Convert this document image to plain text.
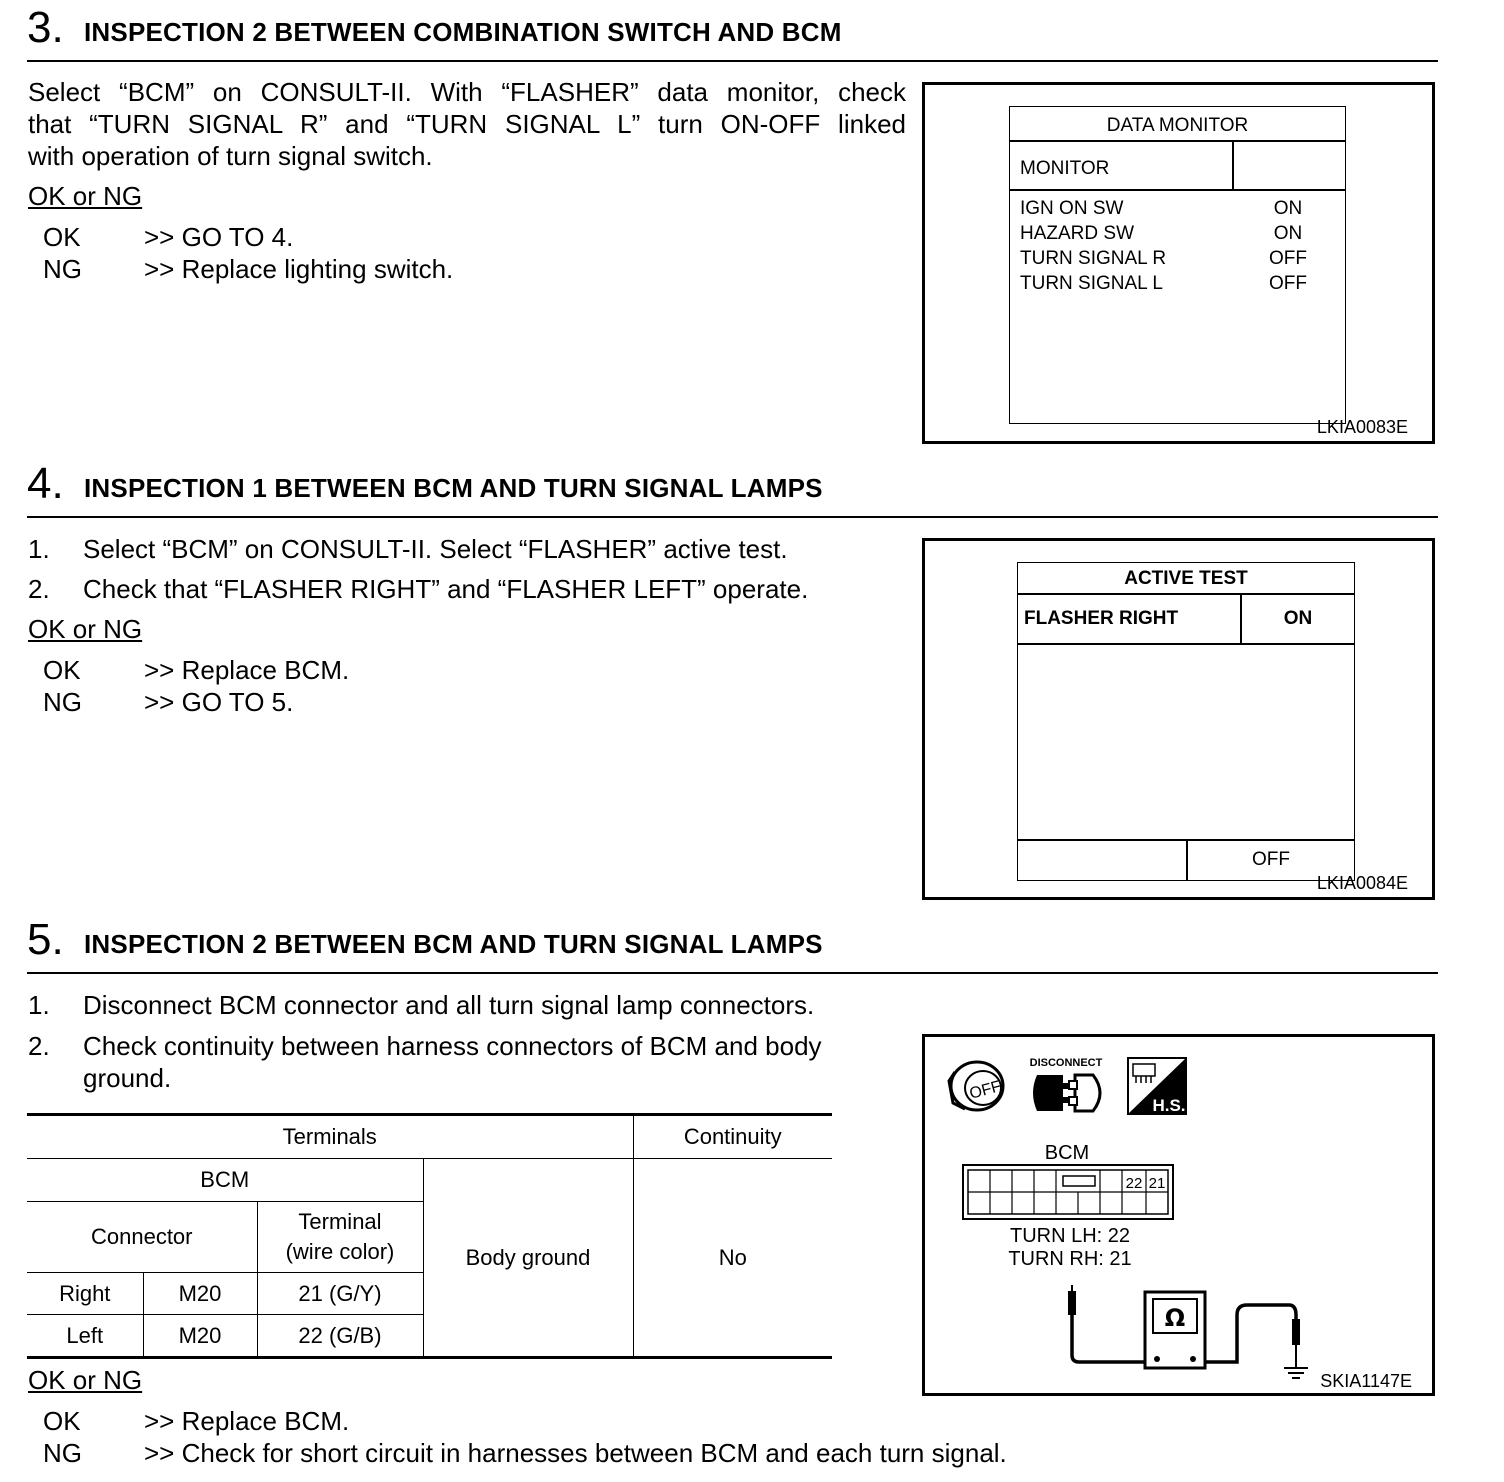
3. INSPECTION 2 BETWEEN COMBINATION SWITCH AND BCM
Select “BCM” on CONSULT-II. With “FLASHER” data monitor, check
that “TURN SIGNAL R” and “TURN SIGNAL L” turn ON-OFF linked
with operation of turn signal switch.
OK or NG
OK >> GO TO 4.
NG >> Replace lighting switch.
DATA MONITOR
MONITOR
IGN ON SW	ON
HAZARD SW	ON
TURN SIGNAL R	OFF
TURN SIGNAL L	OFF
LKIA0083E
4. INSPECTION 1 BETWEEN BCM AND TURN SIGNAL LAMPS
1. Select “BCM” on CONSULT-II. Select “FLASHER” active test.
2. Check that “FLASHER RIGHT” and “FLASHER LEFT” operate.
OK or NG
OK >> Replace BCM.
NG >> GO TO 5.
ACTIVE TEST
FLASHER RIGHT	ON
OFF
LKIA0084E
5. INSPECTION 2 BETWEEN BCM AND TURN SIGNAL LAMPS
1. Disconnect BCM connector and all turn signal lamp connectors.
2. Check continuity between harness connectors of BCM and body
ground.
Terminals				Continuity
BCM			Body ground	No
Connector		Terminal
(wire color)		

Right	M20	21 (G/Y)		
Left	M20	22 (G/B)		
OK or NG
OK >> Replace BCM.
NG >> Check for short circuit in harnesses between BCM and each turn signal.
OFF
DISCONNECT
H.S.
BCM
22 21
TURN LH: 22
TURN RH: 21
Ω
SKIA1147E
